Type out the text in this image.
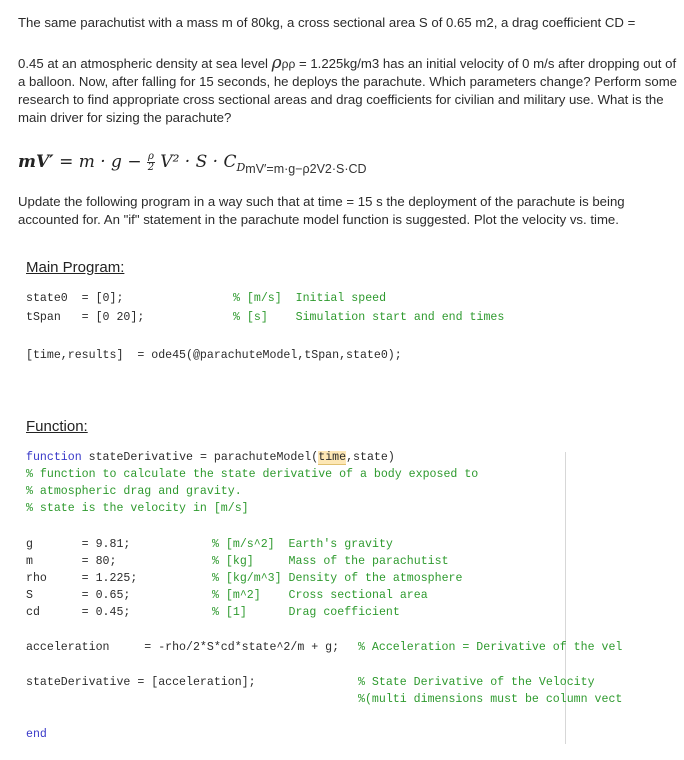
The same parachutist with a mass m of 80kg, a cross sectional area S of 0.65 m2, a drag coefficient CD =
0.45 at an atmospheric density at sea level ρρρ = 1.225kg/m3 has an initial velocity of 0 m/s after dropping out of a balloon. Now, after falling for 15 seconds, he deploys the parachute. Which parameters change? Perform some research to find appropriate cross sectional areas and drag coefficients for civilian and military use. What is the main driver for sizing the parachute?
$mV' = m \cdot g - \frac{\rho}{2} V^2 \cdot S \cdot C_{DmV'=m\cdot g-\rho 2V2\cdot S\cdot CD}$
Update the following program in a way such that at time = 15 s the deployment of the parachute is being accounted for. An "if" statement in the parachute model function is suggested. Plot the velocity vs. time.
Main Program:
state0  = [0];	% [m/s]  Initial speed
tSpan   = [0 20];	% [s]    Simulation start and end times
[time,results]  = ode45(@parachuteModel,tSpan,state0);
Function:
function stateDerivative = parachuteModel(time,state)
% function to calculate the state derivative of a body exposed to
% atmospheric drag and gravity.
% state is the velocity in [m/s]
g       = 9.81;	% [m/s^2]  Earth's gravity
m       = 80;	% [kg]     Mass of the parachutist
rho     = 1.225;	% [kg/m^3] Density of the atmosphere
S       = 0.65;	% [m^2]    Cross sectional area
cd      = 0.45;	% [1]      Drag coefficient
acceleration     = -rho/2*S*cd*state^2/m + g; % Acceleration = Derivative of the vel
stateDerivative = [acceleration];	% State Derivative of the Velocity
%(multi dimensions must be column vect
end
